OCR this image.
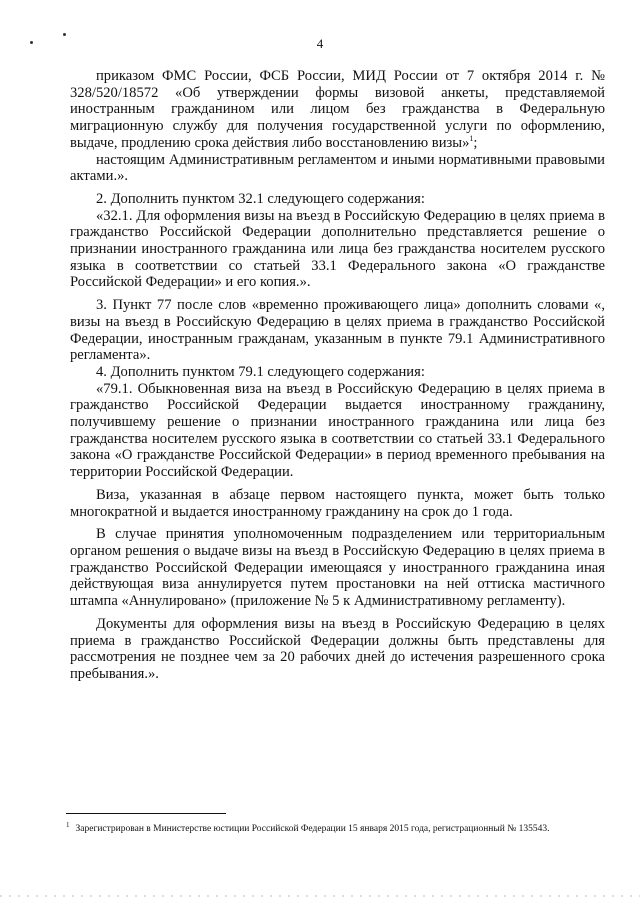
4

приказом ФМС России, ФСБ России, МИД России от 7 октября 2014 г. № 328/520/18572 «Об утверждении формы визовой анкеты, представляемой иностранным гражданином или лицом без гражданства в Федеральную миграционную службу для получения государственной услуги по оформлению, выдаче, продлению срока действия либо восстановлению визы»$^1$;

настоящим Административным регламентом и иными нормативными правовыми актами.».

2. Дополнить пунктом 32.1 следующего содержания:

«32.1. Для оформления визы на въезд в Российскую Федерацию в целях приема в гражданство Российской Федерации дополнительно представляется решение о признании иностранного гражданина или лица без гражданства носителем русского языка в соответствии со статьей 33.1 Федерального закона «О гражданстве Российской Федерации» и его копия.».

3. Пункт 77 после слов «временно проживающего лица» дополнить словами «, визы на въезд в Российскую Федерацию в целях приема в гражданство Российской Федерации, иностранным гражданам, указанным в пункте 79.1 Административного регламента».

4. Дополнить пунктом 79.1 следующего содержания:

«79.1. Обыкновенная виза на въезд в Российскую Федерацию в целях приема в гражданство Российской Федерации выдается иностранному гражданину, получившему решение о признании иностранного гражданина или лица без гражданства носителем русского языка в соответствии со статьей 33.1 Федерального закона «О гражданстве Российской Федерации» в период временного пребывания на территории Российской Федерации.

Виза, указанная в абзаце первом настоящего пункта, может быть только многократной и выдается иностранному гражданину на срок до 1 года.

В случае принятия уполномоченным подразделением или территориальным органом решения о выдаче визы на въезд в Российскую Федерацию в целях приема в гражданство Российской Федерации имеющаяся у иностранного гражданина иная действующая виза аннулируется путем простановки на ней оттиска мастичного штампа «Аннулировано» (приложение № 5 к Административному регламенту).

Документы для оформления визы на въезд в Российскую Федерацию в целях приема в гражданство Российской Федерации должны быть представлены для рассмотрения не позднее чем за 20 рабочих дней до истечения разрешенного срока пребывания.».

$^1$ Зарегистрирован в Министерстве юстиции Российской Федерации 15 января 2015 года, регистрационный № 135543.
